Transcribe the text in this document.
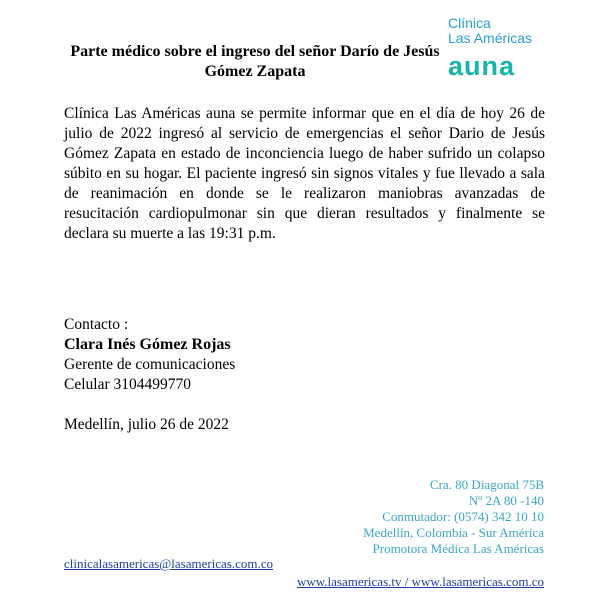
Clínica
Las Américas
auna
Parte médico sobre el ingreso del señor Darío de Jesús Gómez Zapata
Clínica Las Américas auna se permite informar que en el día de hoy 26 de julio de 2022 ingresó al servicio de emergencias el señor Dario de Jesús Gómez Zapata en estado de inconciencia luego de haber sufrido un colapso súbito en su hogar. El paciente ingresó sin signos vitales y fue llevado a sala de reanimación en donde se le realizaron maniobras avanzadas de resucitación cardiopulmonar sin que dieran resultados y finalmente se declara su muerte a las 19:31 p.m.
Contacto :
Clara Inés Gómez Rojas
Gerente de comunicaciones
Celular 3104499770
Medellín, julio 26 de 2022
Cra. 80 Diagonal 75B
Nº 2A 80 -140
Conmutador: (0574) 342 10 10
Medellín, Colombia - Sur América
Promotora Médica Las Américas
clinicalasamericas@lasamericas.com.co
www.lasamericas.tv / www.lasamericas.com.co
